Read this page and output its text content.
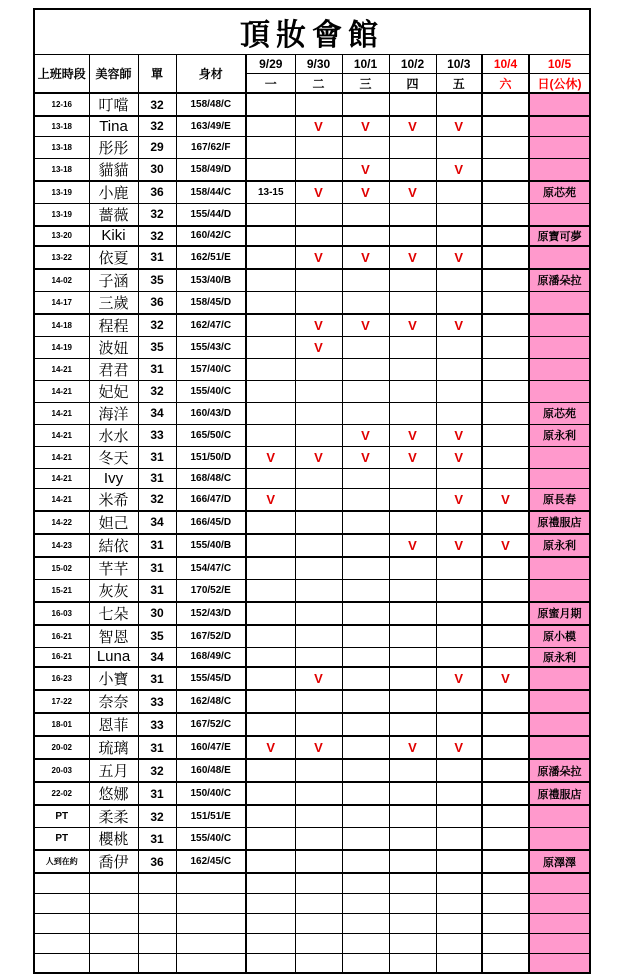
頂妝會館										
上班時段	美容師	單	身材	9/29	9/30	10/1	10/2	10/3	10/4	10/5
				一	二	三	四	五	六	日(公休)
12-16	叮噹	32	158/48/C							
13-18	Tina	32	163/49/E		V	V	V	V		
13-18	彤彤	29	167/62/F							
13-18	貓貓	30	158/49/D			V		V		
13-19	小鹿	36	158/44/C	13-15	V	V	V			原芯苑
13-19	薔薇	32	155/44/D							
13-20	Kiki	32	160/42/C							原寶可夢
13-22	依夏	31	162/51/E		V	V	V	V		
14-02	子涵	35	153/40/B							原潘朵拉
14-17	三歲	36	158/45/D							
14-18	程程	32	162/47/C		V	V	V	V		
14-19	波妞	35	155/43/C		V					
14-21	君君	31	157/40/C							
14-21	妃妃	32	155/40/C							
14-21	海洋	34	160/43/D							原芯苑
14-21	水水	33	165/50/C			V	V	V		原永利
14-21	冬天	31	151/50/D	V	V	V	V	V		
14-21	Ivy	31	168/48/C							
14-21	米希	32	166/47/D	V				V	V	原長春
14-22	妲己	34	166/45/D							原禮服店
14-23	結依	31	155/40/B				V	V	V	原永利
15-02	芊芊	31	154/47/C							
15-21	灰灰	31	170/52/E							
16-03	七朵	30	152/43/D							原蜜月期
16-21	智恩	35	167/52/D							原小模
16-21	Luna	34	168/49/C							原永利
16-23	小寶	31	155/45/D		V			V	V	
17-22	奈奈	33	162/48/C							
18-01	恩菲	33	167/52/C							
20-02	琉璃	31	160/47/E	V	V		V	V		
20-03	五月	32	160/48/E							原潘朵拉
22-02	悠娜	31	150/40/C							原禮服店
PT	柔柔	32	151/51/E							
PT	櫻桃	31	155/40/C							
人到在約	喬伊	36	162/45/C							原澤澤
